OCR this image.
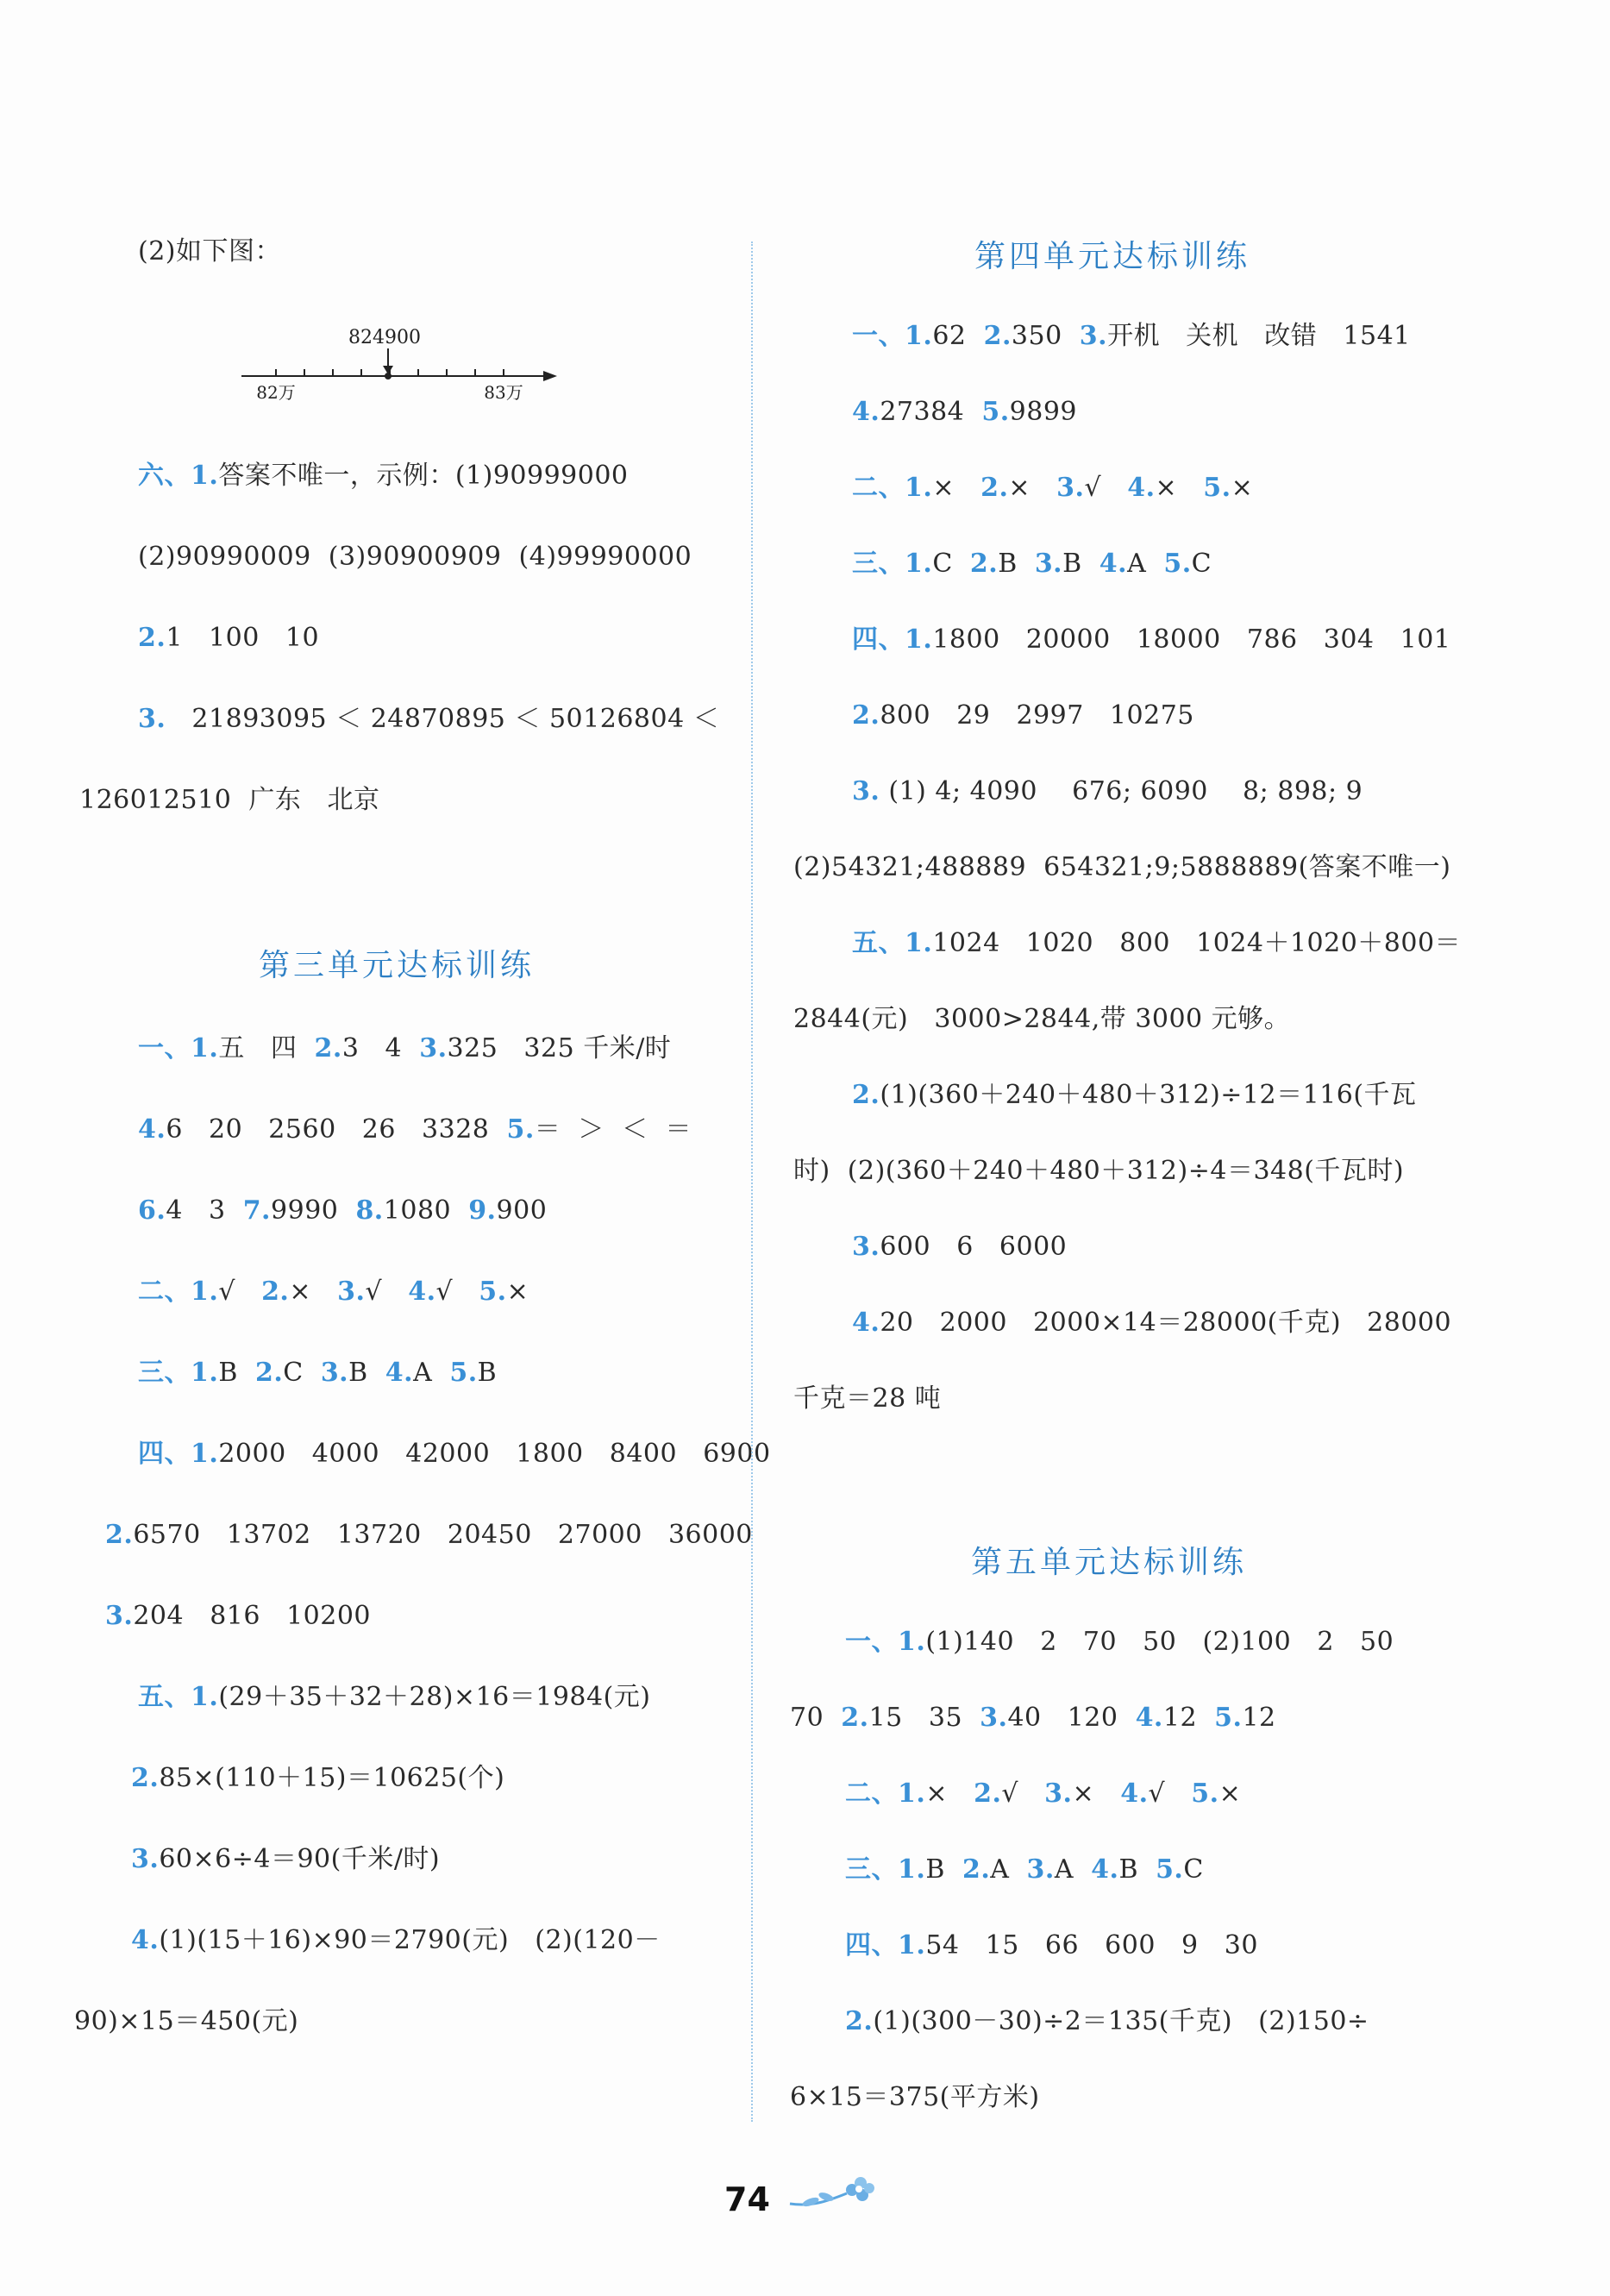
(2)如下图：
824900
82万	83万
六、1.答案不唯一，示例：(1)90999000
(2)90990009  (3)90900909  (4)99990000
2.1   100   10
3.   21893095 ＜ 24870895 ＜ 50126804 ＜
126012510  广东   北京
第三单元达标训练
一、1.五   四  2.3   4  3.325   325 千米/时
4.6   20   2560   26   3328  5.＝  ＞  ＜  ＝
6.4   3  7.9990  8.1080  9.900
二、1.√   2.×   3.√   4.√   5.×
三、1.B  2.C  3.B  4.A  5.B
四、1.2000   4000   42000   1800   8400   6900
2.6570   13702   13720   20450   27000   36000
3.204   816   10200
五、1.(29＋35＋32＋28)×16＝1984(元)
2.85×(110＋15)＝10625(个)
3.60×6÷4＝90(千米/时)
4.(1)(15＋16)×90＝2790(元)   (2)(120－
90)×15＝450(元)
第四单元达标训练
一、1.62  2.350  3.开机   关机   改错   1541
4.27384  5.9899
二、1.×   2.×   3.√   4.×   5.×
三、1.C  2.B  3.B  4.A  5.C
四、1.1800   20000   18000   786   304   101
2.800   29   2997   10275
3. (1) 4; 4090    676; 6090    8; 898; 9
(2)54321;488889  654321;9;5888889(答案不唯一)
五、1.1024   1020   800   1024＋1020＋800＝
2844(元)   3000>2844,带 3000 元够。
2.(1)(360＋240＋480＋312)÷12＝116(千瓦
时)  (2)(360＋240＋480＋312)÷4＝348(千瓦时)
3.600   6   6000
4.20   2000   2000×14＝28000(千克)   28000
千克＝28 吨
第五单元达标训练
一、1.(1)140   2   70   50   (2)100   2   50
70  2.15   35  3.40   120  4.12  5.12
二、1.×   2.√   3.×   4.√   5.×
三、1.B  2.A  3.A  4.B  5.C
四、1.54   15   66   600   9   30
2.(1)(300－30)÷2＝135(千克)   (2)150÷
6×15＝375(平方米)
74
